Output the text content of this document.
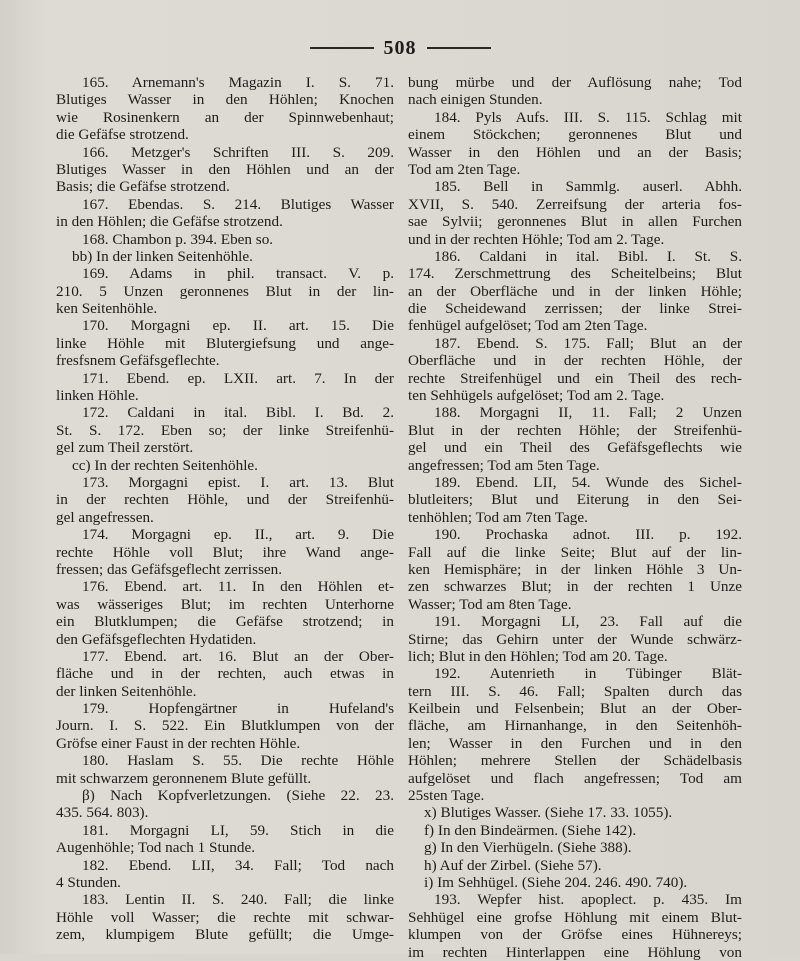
508
165. Arnemann's Magazin I. S. 71.
Blutiges Wasser in den Höhlen; Knochen
wie Rosinenkern an der Spinnwebenhaut;
die Gefäfse strotzend.
166. Metzger's Schriften III. S. 209.
Blutiges Wasser in den Höhlen und an der
Basis; die Gefäfse strotzend.
167. Ebendas. S. 214. Blutiges Wasser
in den Höhlen; die Gefäfse strotzend.
168. Chambon p. 394. Eben so.
bb) In der linken Seitenhöhle.
169. Adams in phil. transact. V. p.
210. 5 Unzen geronnenes Blut in der lin-
ken Seitenhöhle.
170. Morgagni ep. II. art. 15. Die
linke Höhle mit Blutergiefsung und ange-
fresfsnem Gefäfsgeflechte.
171. Ebend. ep. LXII. art. 7. In der
linken Höhle.
172. Caldani in ital. Bibl. I. Bd. 2.
St. S. 172. Eben so; der linke Streifenhü-
gel zum Theil zerstört.
cc) In der rechten Seitenhöhle.
173. Morgagni epist. I. art. 13. Blut
in der rechten Höhle, und der Streifenhü-
gel angefressen.
174. Morgagni ep. II., art. 9. Die
rechte Höhle voll Blut; ihre Wand ange-
fressen; das Gefäfsgeflecht zerrissen.
176. Ebend. art. 11. In den Höhlen et-
was wässeriges Blut; im rechten Unterhorne
ein Blutklumpen; die Gefäfse strotzend; in
den Gefäfsgeflechten Hydatiden.
177. Ebend. art. 16. Blut an der Ober-
fläche und in der rechten, auch etwas in
der linken Seitenhöhle.
179. Hopfengärtner in Hufeland's
Journ. I. S. 522. Ein Blutklumpen von der
Gröfse einer Faust in der rechten Höhle.
180. Haslam S. 55. Die rechte Höhle
mit schwarzem geronnenem Blute gefüllt.
β) Nach Kopfverletzungen. (Siehe 22. 23.
435. 564. 803).
181. Morgagni LI, 59. Stich in die
Augenhöhle; Tod nach 1 Stunde.
182. Ebend. LII, 34. Fall; Tod nach
4 Stunden.
183. Lentin II. S. 240. Fall; die linke
Höhle voll Wasser; die rechte mit schwar-
zem, klumpigem Blute gefüllt; die Umge-
bung mürbe und der Auflösung nahe; Tod
nach einigen Stunden.
184. Pyls Aufs. III. S. 115. Schlag mit
einem Stöckchen; geronnenes Blut und
Wasser in den Höhlen und an der Basis;
Tod am 2ten Tage.
185. Bell in Sammlg. auserl. Abhh.
XVII, S. 540. Zerreifsung der arteria fos-
sae Sylvii; geronnenes Blut in allen Furchen
und in der rechten Höhle; Tod am 2. Tage.
186. Caldani in ital. Bibl. I. St. S.
174. Zerschmettrung des Scheitelbeins; Blut
an der Oberfläche und in der linken Höhle;
die Scheidewand zerrissen; der linke Strei-
fenhügel aufgelöset; Tod am 2ten Tage.
187. Ebend. S. 175. Fall; Blut an der
Oberfläche und in der rechten Höhle, der
rechte Streifenhügel und ein Theil des rech-
ten Sehhügels aufgelöset; Tod am 2. Tage.
188. Morgagni II, 11. Fall; 2 Unzen
Blut in der rechten Höhle; der Streifenhü-
gel und ein Theil des Gefäfsgeflechts wie
angefressen; Tod am 5ten Tage.
189. Ebend. LII, 54. Wunde des Sichel-
blutleiters; Blut und Eiterung in den Sei-
tenhöhlen; Tod am 7ten Tage.
190. Prochaska adnot. III. p. 192.
Fall auf die linke Seite; Blut auf der lin-
ken Hemisphäre; in der linken Höhle 3 Un-
zen schwarzes Blut; in der rechten 1 Unze
Wasser; Tod am 8ten Tage.
191. Morgagni LI, 23. Fall auf die
Stirne; das Gehirn unter der Wunde schwärz-
lich; Blut in den Höhlen; Tod am 20. Tage.
192. Autenrieth in Tübinger Blät-
tern III. S. 46. Fall; Spalten durch das
Keilbein und Felsenbein; Blut an der Ober-
fläche, am Hirnanhange, in den Seitenhöh-
len; Wasser in den Furchen und in den
Höhlen; mehrere Stellen der Schädelbasis
aufgelöset und flach angefressen; Tod am
25sten Tage.
x) Blutiges Wasser. (Siehe 17. 33. 1055).
f) In den Bindeärmen. (Siehe 142).
g) In den Vierhügeln. (Siehe 388).
h) Auf der Zirbel. (Siehe 57).
i) Im Sehhügel. (Siehe 204. 246. 490. 740).
193. Wepfer hist. apoplect. p. 435. Im
Sehhügel eine grofse Höhlung mit einem Blut-
klumpen von der Gröfse eines Hühnereys;
im rechten Hinterlappen eine Höhlung von
